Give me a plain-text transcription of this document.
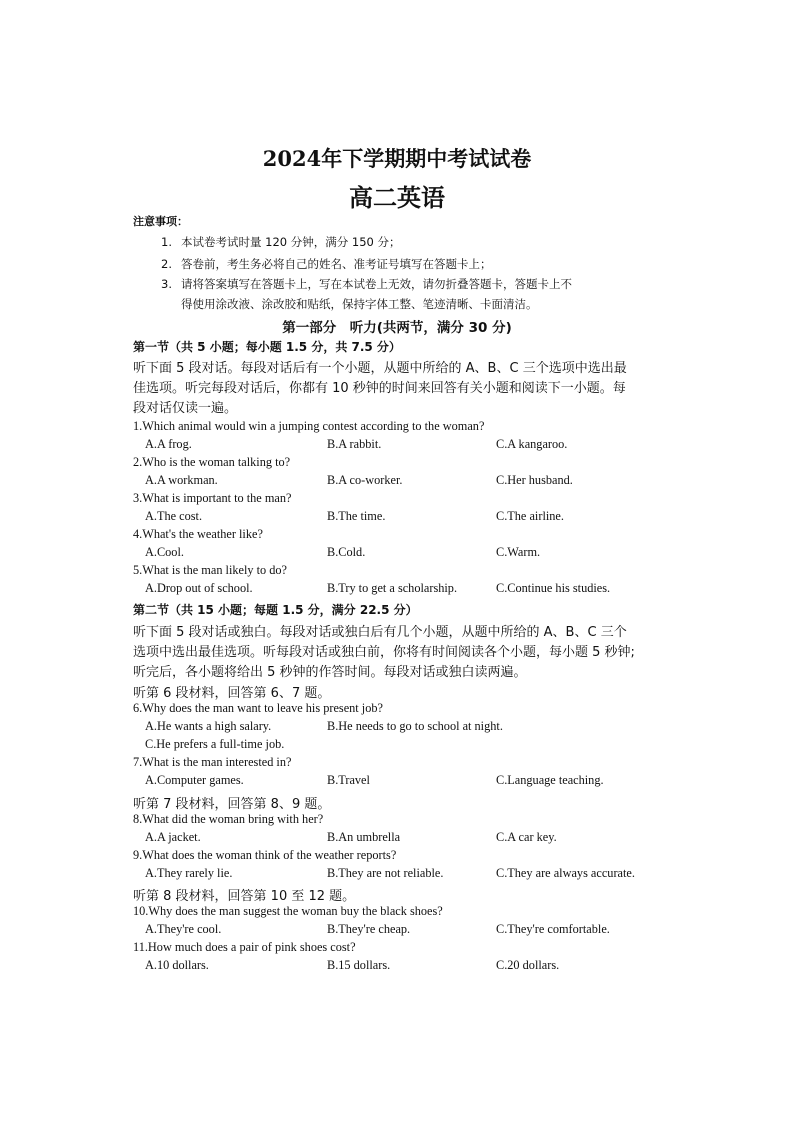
2024年下学期期中考试试卷
高二英语
注意事项：
1. 本试卷考试时量 120 分钟，满分 150 分；
2. 答卷前，考生务必将自己的姓名、准考证号填写在答题卡上；
3. 请将答案填写在答题卡上，写在本试卷上无效，请勿折叠答题卡，答题卡上不
得使用涂改液、涂改胶和贴纸，保持字体工整、笔迹清晰、卡面清洁。
第一部分　听力(共两节，满分 30 分)
第一节（共 5 小题；每小题 1.5 分，共 7.5 分）
听下面 5 段对话。每段对话后有一个小题，从题中所给的 A、B、C 三个选项中选出最
佳选项。听完每段对话后，你都有 10 秒钟的时间来回答有关小题和阅读下一小题。每
段对话仅读一遍。
1.Which animal would win a jumping contest according to the woman?
A.A frog.	B.A rabbit.	C.A kangaroo.
2.Who is the woman talking to?
A.A workman.	B.A co-worker.	C.Her husband.
3.What is important to the man?
A.The cost.	B.The time.	C.The airline.
4.What's the weather like?
A.Cool.	B.Cold.	C.Warm.
5.What is the man likely to do?
A.Drop out of school.	B.Try to get a scholarship.	C.Continue his studies.
第二节（共 15 小题；每题 1.5 分，满分 22.5 分）
听下面 5 段对话或独白。每段对话或独白后有几个小题，从题中所给的 A、B、C 三个
选项中选出最佳选项。听每段对话或独白前，你将有时间阅读各个小题，每小题 5 秒钟;
听完后，各小题将给出 5 秒钟的作答时间。每段对话或独白读两遍。
听第 6 段材料，回答第 6、7 题。
6.Why does the man want to leave his present job?
A.He wants a high salary.	B.He needs to go to school at night.
C.He prefers a full-time job.
7.What is the man interested in?
A.Computer games.	B.Travel	C.Language teaching.
听第 7 段材料，回答第 8、9 题。
8.What did the woman bring with her?
A.A jacket.	B.An umbrella	C.A car key.
9.What does the woman think of the weather reports?
A.They rarely lie.	B.They are not reliable.	C.They are always accurate.
听第 8 段材料，回答第 10 至 12 题。
10.Why does the man suggest the woman buy the black shoes?
A.They're cool.	B.They're cheap.	C.They're comfortable.
11.How much does a pair of pink shoes cost?
A.10 dollars.	B.15 dollars.	C.20 dollars.
